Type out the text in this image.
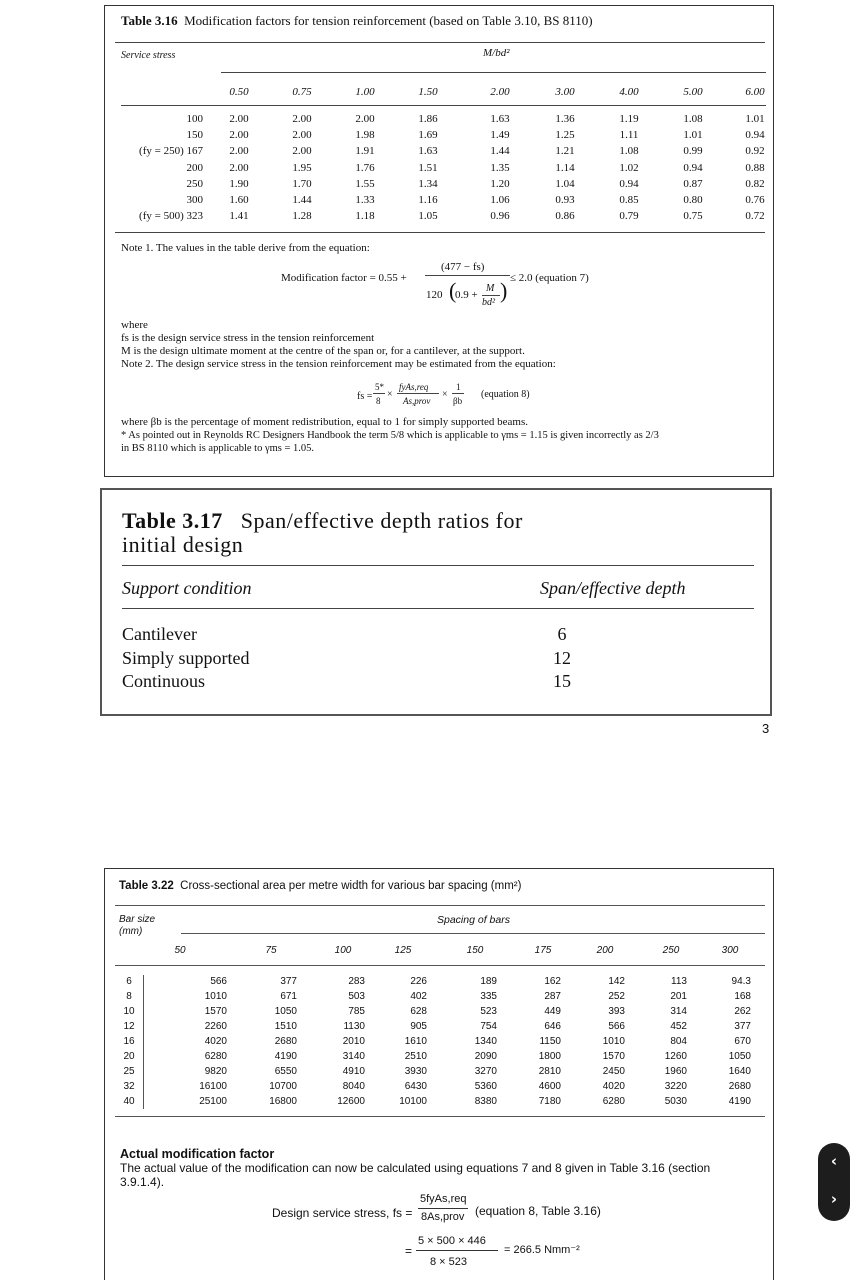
Table 3.16 Modification factors for tension reinforcement (based on Table 3.10, BS 8110)
Service stress	M/bd²
0.50	0.75	1.00	1.50	2.00	3.00	4.00	5.00	6.00
100	2.00	2.00	2.00	1.86	1.63	1.36	1.19	1.08	1.01
150	2.00	2.00	1.98	1.69	1.49	1.25	1.11	1.01	0.94
(fy = 250) 167	2.00	2.00	1.91	1.63	1.44	1.21	1.08	0.99	0.92
200	2.00	1.95	1.76	1.51	1.35	1.14	1.02	0.94	0.88
250	1.90	1.70	1.55	1.34	1.20	1.04	0.94	0.87	0.82
300	1.60	1.44	1.33	1.16	1.06	0.93	0.85	0.80	0.76
(fy = 500) 323	1.41	1.28	1.18	1.05	0.96	0.86	0.79	0.75	0.72
Note 1. The values in the table derive from the equation:
Modification factor = 0.55 +
(477 − fs)
120 (
0.9 +
M
bd² ) ≤ 2.0 (equation 7)
where
fs is the design service stress in the tension reinforcement
M is the design ultimate moment at the centre of the span or, for a cantilever, at the support.
Note 2. The design service stress in the tension reinforcement may be estimated from the equation:
fs =
5*
8
×
fyAs,req
As,prov
×
1
βb
(equation 8)
where βb is the percentage of moment redistribution, equal to 1 for simply supported beams.
* As pointed out in Reynolds RC Designers Handbook the term 5/8 which is applicable to γms = 1.15 is given incorrectly as 2/3
in BS 8110 which is applicable to γms = 1.05.
Table 3.17 Span/effective depth ratios for
initial design
Support condition	Span/effective depth
Cantilever	6
Simply supported	12
Continuous	15
3
Table 3.22 Cross-sectional area per metre width for various bar spacing (mm²)
Bar size
(mm)
Spacing of bars
50	75	100	125	150	175	200	250	300
6	566	377	283	226	189	162	142	113	94.3
8	1010	671	503	402	335	287	252	201	168
10	1570	1050	785	628	523	449	393	314	262
12	2260	1510	1130	905	754	646	566	452	377
16	4020	2680	2010	1610	1340	1150	1010	804	670
20	6280	4190	3140	2510	2090	1800	1570	1260	1050
25	9820	6550	4910	3930	3270	2810	2450	1960	1640
32	16100	10700	8040	6430	5360	4600	4020	3220	2680
40	25100	16800	12600	10100	8380	7180	6280	5030	4190
Actual modification factor
The actual value of the modification can now be calculated using equations 7 and 8 given in Table 3.16 (section
3.9.1.4).
Design service stress, fs =
5fyAs,req
8As,prov (equation 8, Table 3.16)
=
5 × 500 × 446
8 × 523
= 266.5 Nmm⁻²
‹
›
